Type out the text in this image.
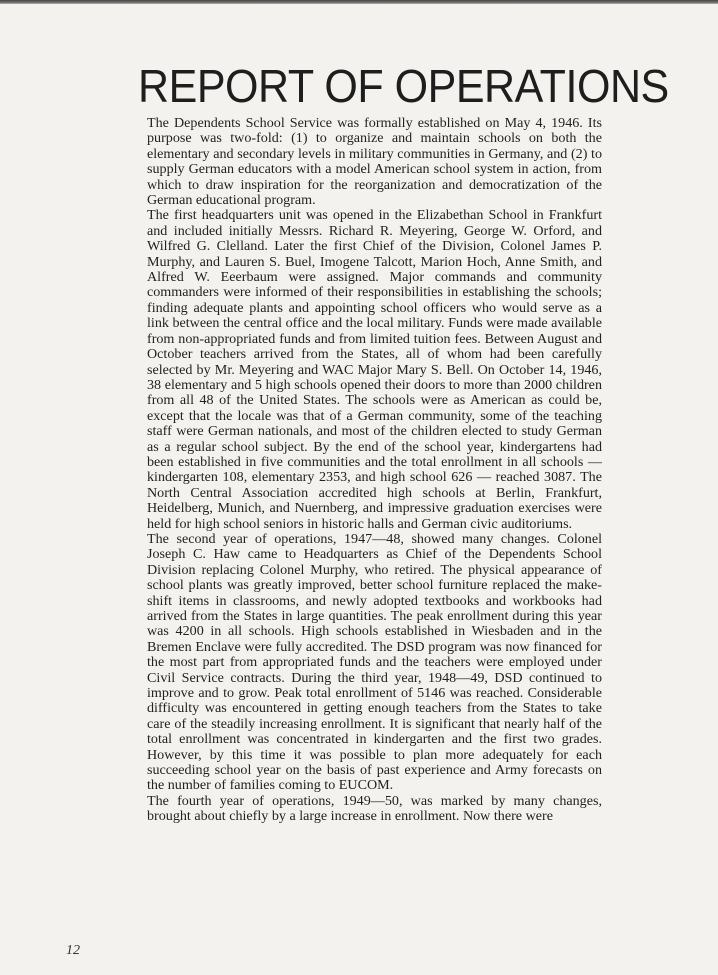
REPORT OF OPERATIONS

The Dependents School Service was formally established on May 4, 1946. Its purpose was two-fold: (1) to organize and maintain schools on both the elementary and secondary levels in military communities in Germany, and (2) to supply German educators with a model American school system in action, from which to draw inspiration for the reorganization and democratization of the German educational program.

The first headquarters unit was opened in the Elizabethan School in Frankfurt and included initially Messrs. Richard R. Meyering, George W. Orford, and Wilfred G. Clelland. Later the first Chief of the Division, Colonel James P. Murphy, and Lauren S. Buel, Imogene Talcott, Marion Hoch, Anne Smith, and Alfred W. Eeerbaum were assigned. Major commands and community commanders were informed of their responsibilities in establishing the schools; finding adequate plants and appointing school officers who would serve as a link between the central office and the local military. Funds were made available from non-appropriated funds and from limited tuition fees. Between August and October teachers arrived from the States, all of whom had been carefully selected by Mr. Meyering and WAC Major Mary S. Bell. On October 14, 1946, 38 elementary and 5 high schools opened their doors to more than 2000 children from all 48 of the United States. The schools were as American as could be, except that the locale was that of a German community, some of the teaching staff were German nationals, and most of the children elected to study German as a regular school subject. By the end of the school year, kindergartens had been established in five communities and the total enrollment in all schools — kindergarten 108, elementary 2353, and high school 626 — reached 3087. The North Central Association accredited high schools at Berlin, Frankfurt, Heidelberg, Munich, and Nuernberg, and impressive graduation exercises were held for high school seniors in historic halls and German civic auditoriums.

The second year of operations, 1947—48, showed many changes. Colonel Joseph C. Haw came to Headquarters as Chief of the Dependents School Division replacing Colonel Murphy, who retired. The physical appearance of school plants was greatly improved, better school furniture replaced the make-shift items in classrooms, and newly adopted textbooks and workbooks had arrived from the States in large quantities. The peak enrollment during this year was 4200 in all schools. High schools established in Wiesbaden and in the Bremen Enclave were fully accredited. The DSD program was now financed for the most part from appropriated funds and the teachers were employed under Civil Service contracts. During the third year, 1948—49, DSD continued to improve and to grow. Peak total enrollment of 5146 was reached. Considerable difficulty was encountered in getting enough teachers from the States to take care of the steadily increasing enrollment. It is significant that nearly half of the total enrollment was concentrated in kindergarten and the first two grades. However, by this time it was possible to plan more adequately for each succeeding school year on the basis of past experience and Army forecasts on the number of families coming to EUCOM.

The fourth year of operations, 1949—50, was marked by many changes, brought about chiefly by a large increase in enrollment. Now there were

12
